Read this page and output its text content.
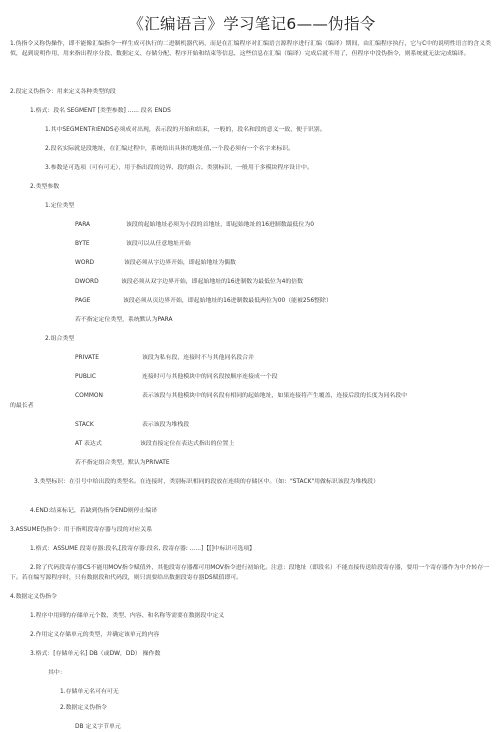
《汇编语言》学习笔记6——伪指令
1.伪指令又称伪操作，即不能像汇编指令一样生成可执行的二进制机器代码，而是在汇编程序对汇编语言源程序进行汇编（编译）期间，由汇编程序执行，它与C中的说明性语言的含义类似，起到说明作用，用来指出程序分段、数据定义、存储分配、程序开始和结束等信息，这些信息在汇编（编译）完成后就不用了，但程序中没伪指令，则系统就无法完成编译。
2.段定义伪指令：用来定义各种类型的段
1.格式：段名 SEGMENT [类型参数] ...... 段名 ENDS
1.其中SEGMENT和ENDS必须成对出现，表示段的开始和结束，一般的，段名和段的意义一致，便于识别。
2.段名实际就是段地址，在汇编过程中，系统给出具体的地址值,一个段必须有一个名字来标识。
3.参数是可选项（可有可无），用于指出段的边界、段的组合、类别标识，一般用于多模块程序设计中。
2.类型参数
1.定位类型
PARA	该段的起始地址必须为小段的首地址，即起始地址的16进制数最低位为0
BYTE	该段可以从任意地址开始
WORD	该段必须从字边界开始，即起始地址为偶数
DWORD	该段必须从双字边界开始，即起始地址的16进制数为最低位为4的倍数
PAGE	该段必须从页边界开始，即起始地址的16进制数最低两位为00（能被256整除）
若不指定定位类型，系统默认为PARA
2.组合类型
PRIVATE	该段为私有段，连接时不与其他同名段合并
PUBLIC	连接时可与其他模块中的同名段按顺序连接成一个段
COMMON	表示该段与其他模块中的同名段有相同的起始地址，如果连接将产生覆盖，连接后段的长度为同名段中
的最长者
STACK	表示该段为堆栈段
AT 表达式	该段直接定位在表达式指出的位置上
若不指定组合类型，默认为PRIVATE
3.类型标识：在引号中给出段的类型名。在连接时，类别标识相同的段放在连续的存储区中。（如："STACK"用做标识该段为堆栈段）
4.END:结束标记，若缺到伪指令END则停止编译
3.ASSUME伪指令：用于指明段寄存器与段的对应关系
1.格式：ASSUME 段寄存器:段名,[段寄存器:段名, 段寄存器: ......]【[]中标识可选项】
2.除了代码段寄存器CS不能用MOV指令赋值外，其他段寄存器都可用MOV指令进行初始化。注意：段地址（即段名）不能直接传送给段寄存器，要用一个寄存器作为中介转存一下。若在编写源程序时，只有数据段和代码段，则只需要给出数据段寄存器DS赋值即可。
4.数据定义伪指令
1.程序中用到的存储单元个数、类型、内容、和名称等需要在数据段中定义
2.作用定义存储单元的类型，并确定该单元的内容
3.格式：[存储单元名] DB（或DW，DD） 操作数
其中：
1.存储单元名可有可无
2.数据定义伪指令
DB 定义字节单元
